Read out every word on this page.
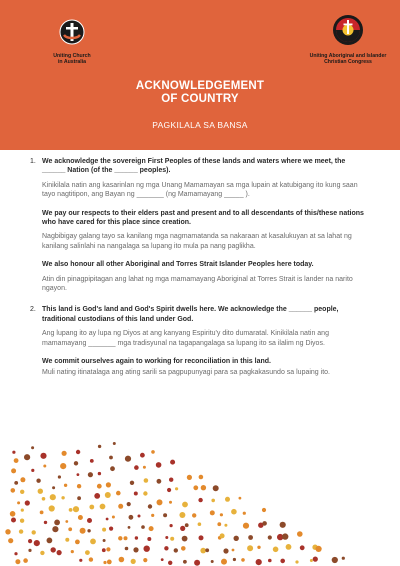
Uniting Church
in Australia
Uniting Aboriginal and Islander
Christian Congress
ACKNOWLEDGEMENT
OF COUNTRY
PAGKILALA SA BANSA
1. We acknowledge the sovereign First Peoples of these lands and waters where we meet, the ______ Nation (of the ______ peoples).

Kinikilala natin ang kasarinlan ng mga Unang Mamamayan sa mga lupain at katubigang ito kung saan tayo nagtitipon, ang Bayan ng _______ (ng Mamamayang _____ ).

We pay our respects to their elders past and present and to all descendants of this/these nations who have cared for this place since creation.

Nagbibigay galang tayo sa kanilang mga nagmamatanda sa nakaraan at kasalukuyan at sa lahat ng kanilang salinlahi na nangalaga sa lupang ito mula pa nang paglikha.

We also honour all other Aboriginal and Torres Strait Islander Peoples here today.

Atin din pinagpipitagan ang lahat ng mga mamamayang Aboriginal at Torres Strait is lander na narito ngayon.

2. This land is God's land and God's Spirit dwells here. We acknowledge the ______ people, traditional custodians of this land under God.

Ang lupang ito ay lupa ng Diyos at ang kanyang Espiritu'y dito dumaratal. Kinikilala natin ang mamamayang _______ mga tradisyunal na tagapangalaga sa lupang ito sa ilalim ng Diyos.

We commit ourselves again to working for reconciliation in this land.

Muli nating itinatalaga ang ating sarili sa pagpupunyagi para sa pagkakasundo sa lupaing ito.
